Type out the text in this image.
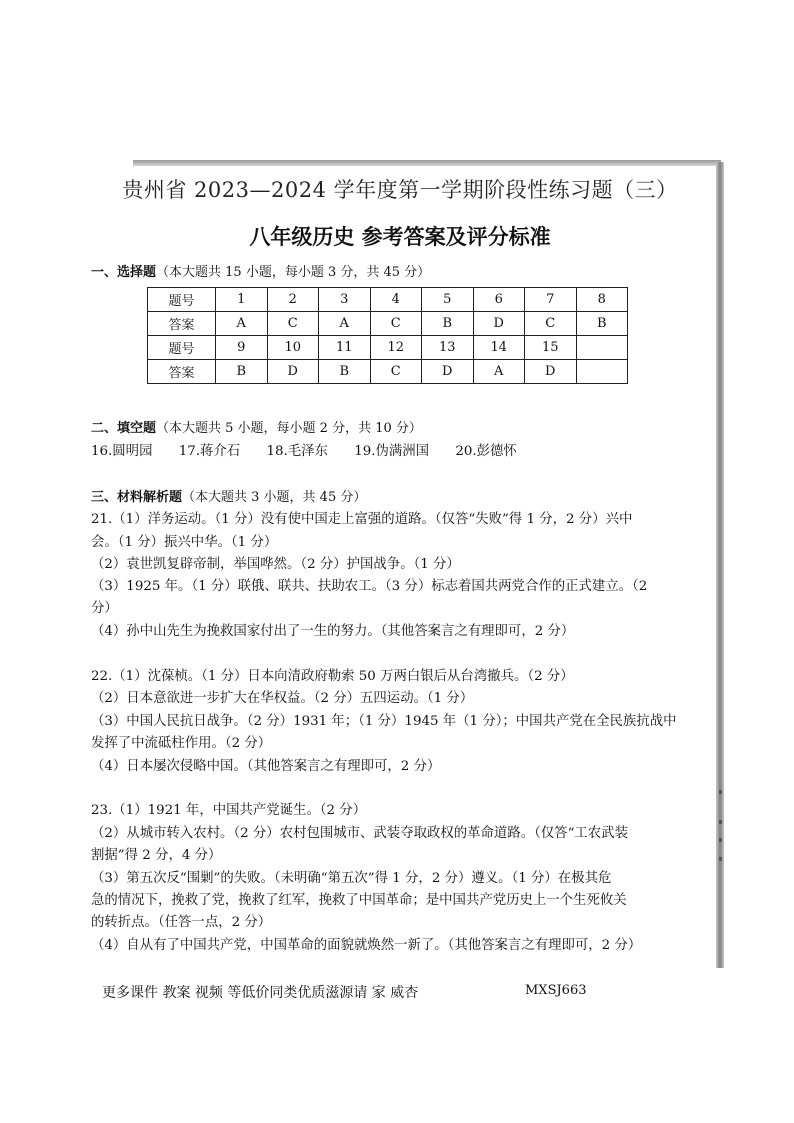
贵州省 2023—2024 学年度第一学期阶段性练习题（三）
八年级历史 参考答案及评分标准
一、选择题（本大题共 15 小题，每小题 3 分，共 45 分）
题号	1	2	3	4	5	6	7	8
答案	A	C	A	C	B	D	C	B
题号	9	10	11	12	13	14	15	
答案	B	D	B	C	D	A	D	
二、填空题（本大题共 5 小题，每小题 2 分，共 10 分）
16.圆明园 17.蒋介石 18.毛泽东 19.伪满洲国 20.彭德怀
三、材料解析题（本大题共 3 小题，共 45 分）
21.（1）洋务运动。（1 分）没有使中国走上富强的道路。（仅答“失败”得 1 分，2 分）兴中
会。（1 分）振兴中华。（1 分）
（2）袁世凯复辟帝制，举国哗然。（2 分）护国战争。（1 分）
（3）1925 年。（1 分）联俄、联共、扶助农工。（3 分）标志着国共两党合作的正式建立。（2
分）
（4）孙中山先生为挽救国家付出了一生的努力。（其他答案言之有理即可，2 分）
22.（1）沈葆桢。（1 分）日本向清政府勒索 50 万两白银后从台湾撤兵。（2 分）
（2）日本意欲进一步扩大在华权益。（2 分）五四运动。（1 分）
（3）中国人民抗日战争。（2 分）1931 年；（1 分）1945 年（1 分）；中国共产党在全民族抗战中
发挥了中流砥柱作用。（2 分）
（4）日本屡次侵略中国。（其他答案言之有理即可，2 分）
23.（1）1921 年，中国共产党诞生。（2 分）
（2）从城市转入农村。（2 分）农村包围城市、武装夺取政权的革命道路。（仅答“工农武装
割据”得 2 分，4 分）
（3）第五次反“围剿”的失败。（未明确“第五次”得 1 分，2 分）遵义。（1 分）在极其危
急的情况下，挽救了党，挽救了红军，挽救了中国革命；是中国共产党历史上一个生死攸关
的转折点。（任答一点，2 分）
（4）自从有了中国共产党，中国革命的面貌就焕然一新了。（其他答案言之有理即可，2 分）
更多课件 教案 视频 等低价同类优质滋源请 家 威杏	MXSJ663
